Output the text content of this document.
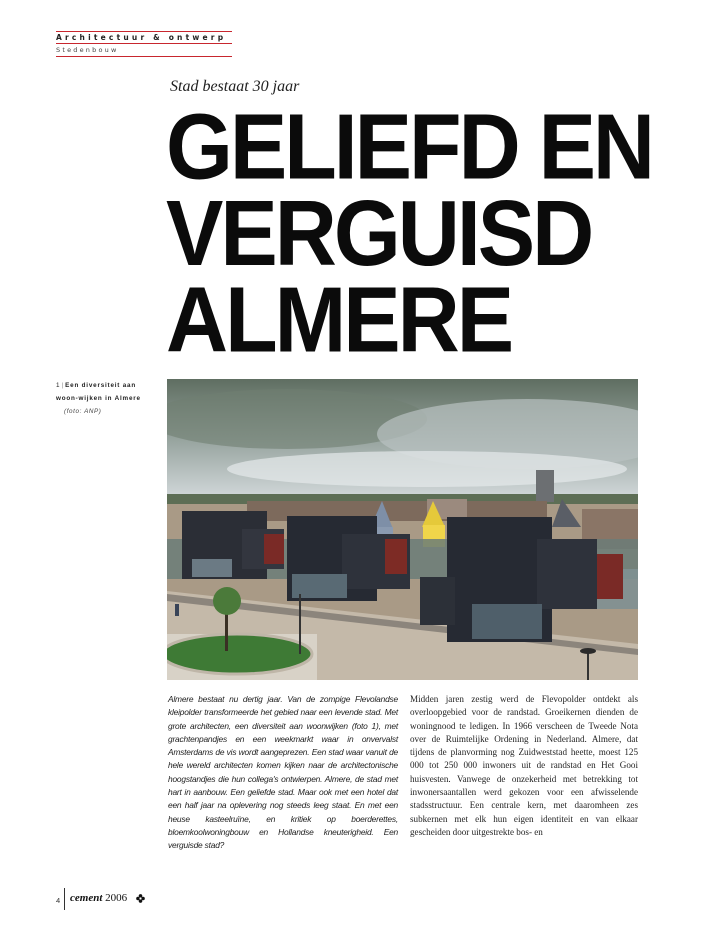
Architectuur & ontwerp
Stedenbouw
Stad bestaat 30 jaar
GELIEFD EN
VERGUISD
ALMERE
1 | Een diversiteit aan woon-wijken in Almere
(foto: ANP)

Almere bestaat nu dertig jaar. Van de zompige Flevolandse kleipolder transformeerde het gebied naar een levende stad. Met grote architecten, een diversiteit aan woonwijken (foto 1), met grachtenpandjes en een weekmarkt waar in onvervalst Amsterdams de vis wordt aangeprezen. Een stad waar vanuit de hele wereld architecten komen kijken naar de architectonische hoogstandjes die hun collega's ontwierpen. Almere, de stad met hart in aanbouw. Een geliefde stad. Maar ook met een hotel dat een half jaar na oplevering nog steeds leeg staat. En met een heuse kasteelruïne, en kritiek op boerderettes, bloemkoolwoningbouw en Hollandse kneuterigheid. Een verguisde stad?

Midden jaren zestig werd de Flevopolder ontdekt als overloopgebied voor de randstad. Groeikernen dienden de woningnood te ledigen. In 1966 verscheen de Tweede Nota over de Ruimtelijke Ordening in Nederland. Almere, dat tijdens de planvorming nog Zuidweststad heette, moest 125 000 tot 250 000 inwoners uit de randstad en Het Gooi huisvesten. Vanwege de onzekerheid met betrekking tot inwonersaantallen werd gekozen voor een afwisselende stadsstructuur. Een centrale kern, met daaromheen zes subkernen met elk hun eigen identiteit en van elkaar gescheiden door uitgestrekte bos- en

4 cement 2006
